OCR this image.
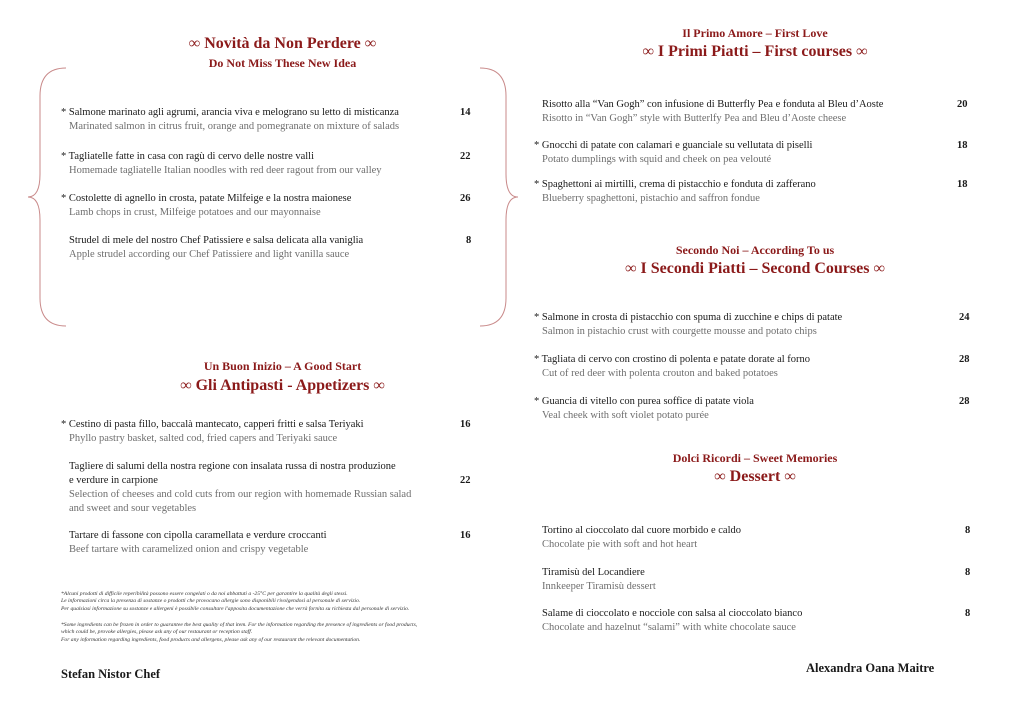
∞ Novità da Non Perdere ∞
Do Not Miss These New Idea
* Salmone marinato agli agrumi, arancia viva e melograno su letto di misticanza
Marinated salmon in citrus fruit, orange and pomegranate on mixture of salads
14
* Tagliatelle fatte in casa con ragù di cervo delle nostre valli
Homemade tagliatelle Italian noodles with red deer ragout from our valley
22
* Costolette di agnello in crosta, patate Milfeige e la nostra maionese
Lamb chops in crust, Milfeige potatoes and our mayonnaise
26
Strudel di mele del nostro Chef Patissiere e salsa delicata alla vaniglia
Apple strudel according our Chef Patissiere and light vanilla sauce
8
Un Buon Inizio – A Good Start
∞ Gli Antipasti - Appetizers ∞
* Cestino di pasta fillo, baccalà mantecato, capperi fritti e salsa Teriyaki
Phyllo pastry basket, salted cod, fried capers and Teriyaki sauce
16
Tagliere di salumi della nostra regione con insalata russa di nostra produzione
e verdure in carpione
Selection of cheeses and cold cuts from our region with homemade Russian salad
and sweet and sour vegetables
22
Tartare di fassone con cipolla caramellata e verdure croccanti
Beef tartare with caramelized onion and crispy vegetable
16
*Alcuni prodotti di difficile reperibilità possono essere congelati o da noi abbattuti a -25°C per garantire la qualità degli stessi.
Le informazioni circa la presenza di sostanze o prodotti che provocano allergie sono disponibili rivolgendosi al personale di servizio.
Per qualsiasi informazione su sostanze e allergeni è possibile consultare l'apposita documentazione che verrà fornita su richiesta dal personale di servizio.
*Some ingredients can be frozen in order to guarantee the best quality of that item. For the information regarding the presence of ingredients or food products,
which could be, provoke allergies, please ask any of our restaurant or reception staff.
For any information regarding ingredients, food products and allergens, please ask any of our restaurant the relevant documentation.
Stefan Nistor Chef
Il Primo Amore – First Love
∞ I Primi Piatti – First courses ∞
Risotto alla “Van Gogh” con infusione di Butterfly Pea e fonduta al Bleu d’Aoste
Risotto in “Van Gogh” style with Butterlfy Pea and Bleu d’Aoste cheese
20
* Gnocchi di patate con calamari e guanciale su vellutata di piselli
Potato dumplings with squid and cheek on pea velouté
18
* Spaghettoni ai mirtilli, crema di pistacchio e fonduta di zafferano
Blueberry spaghettoni, pistachio and saffron fondue
18
Secondo Noi – According To us
∞ I Secondi Piatti – Second Courses ∞
* Salmone in crosta di pistacchio con spuma di zucchine e chips di patate
Salmon in pistachio crust with courgette mousse and potato chips
24
* Tagliata di cervo con crostino di polenta e patate dorate al forno
Cut of red deer with polenta crouton and baked potatoes
28
* Guancia di vitello con purea soffice di patate viola
Veal cheek with soft violet potato purée
28
Dolci Ricordi – Sweet Memories
∞ Dessert ∞
Tortino al cioccolato dal cuore morbido e caldo
Chocolate pie with soft and hot heart
8
Tiramisù del Locandiere
Innkeeper Tiramisù dessert
8
Salame di cioccolato e nocciole con salsa al cioccolato bianco
Chocolate and hazelnut “salami” with white chocolate sauce
8
Alexandra Oana Maitre
